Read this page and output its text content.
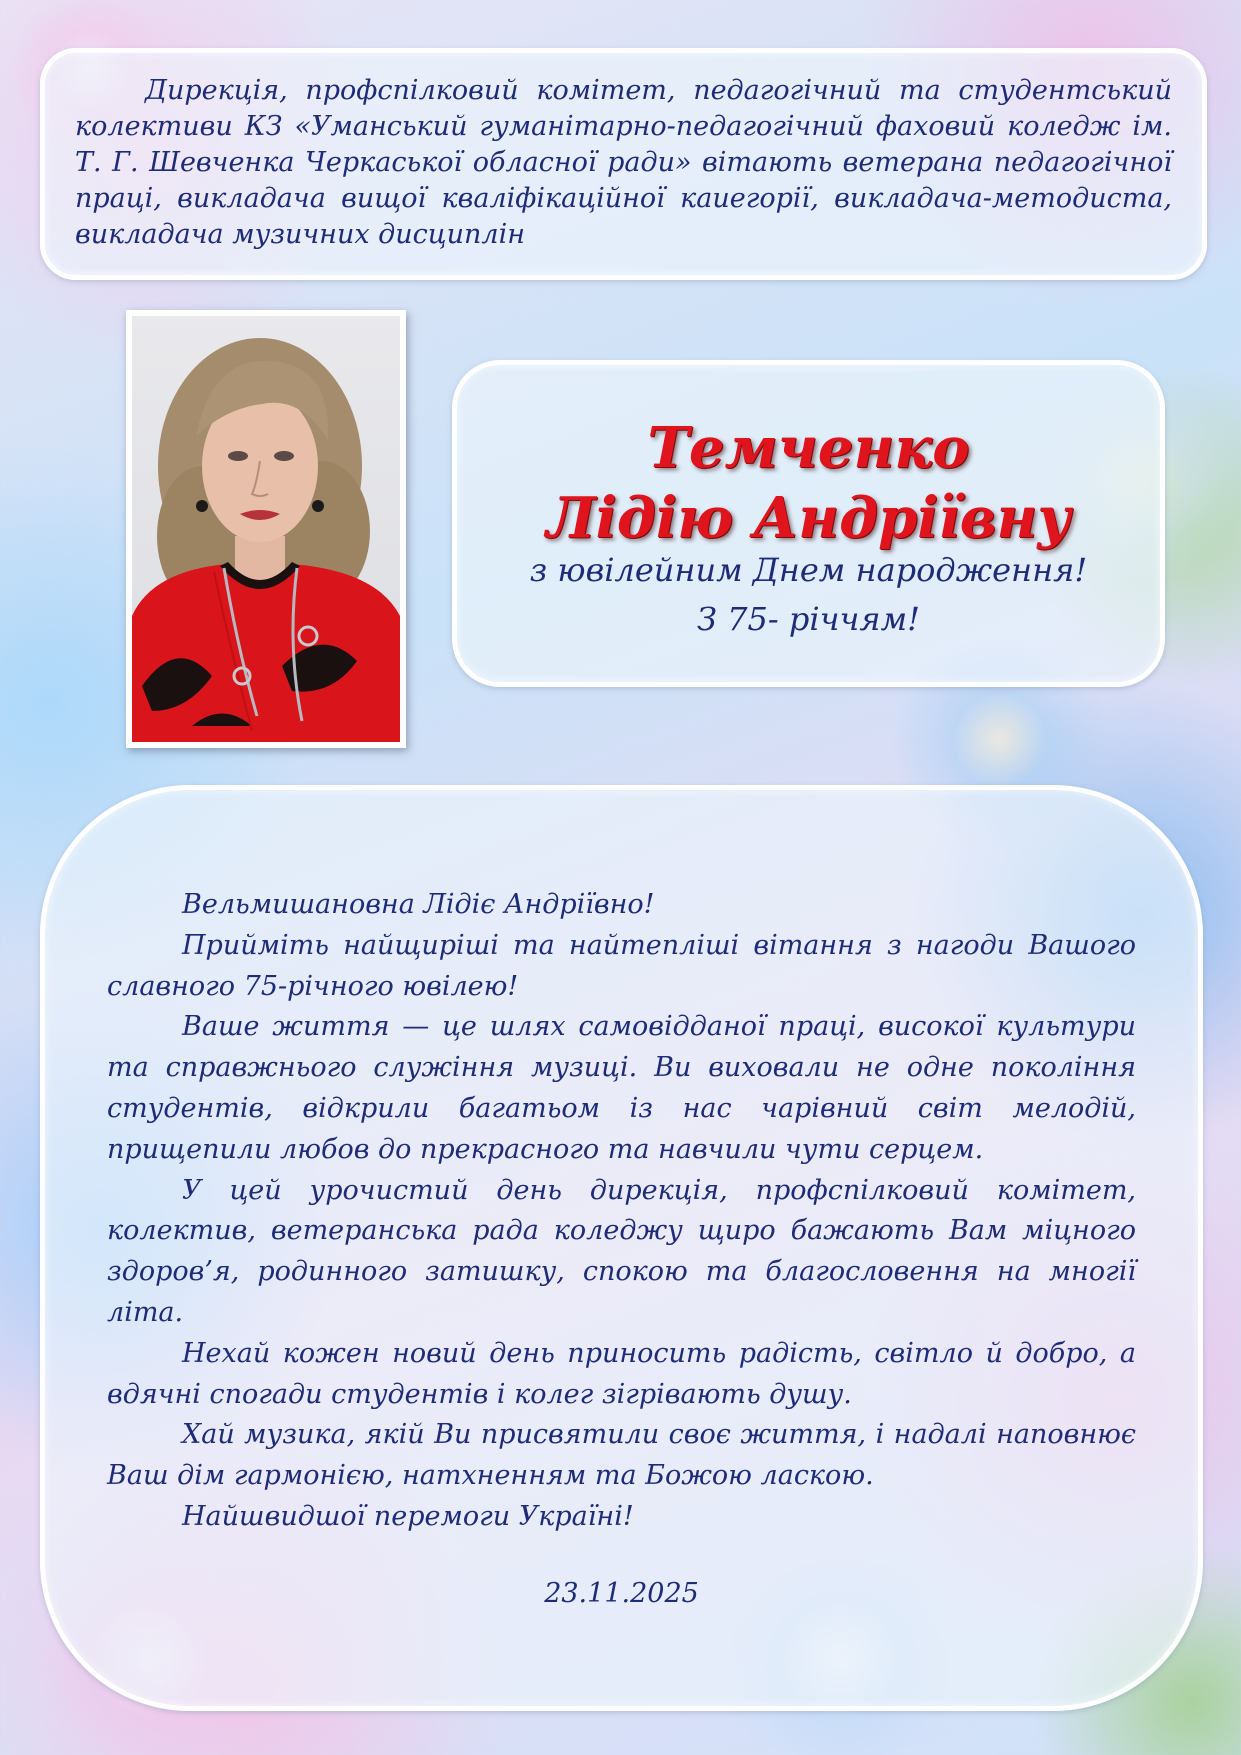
Дирекція, профспілковий комітет, педагогічний та студентський колективи КЗ «Уманський гуманітарно-педагогічний фаховий коледж ім. Т. Г. Шевченка Черкаської обласної ради» вітають ветерана педагогічної праці, викладача вищої кваліфікаційної каиегорії, викладача-методиста, викладача музичних дисциплін

Темченко
Лідію Андріївну
з ювілейним Днем народження!
З 75- річчям!

Вельмишановна Лідіє Андріївно!

Прийміть найщиріші та найтепліші вітання з нагоди Вашого славного 75-річного ювілею!

Ваше життя — це шлях самовідданої праці, високої культури та справжнього служіння музиці. Ви виховали не одне покоління студентів, відкрили багатьом із нас чарівний світ мелодій, прищепили любов до прекрасного та навчили чути серцем.

У цей урочистий день дирекція, профспілковий комітет, колектив, ветеранська рада коледжу щиро бажають Вам міцного здоров’я, родинного затишку, спокою та благословення на многії літа.

Нехай кожен новий день приносить радість, світло й добро, а вдячні спогади студентів і колег зігрівають душу.

Хай музика, якій Ви присвятили своє життя, і надалі наповнює Ваш дім гармонією, натхненням та Божою ласкою.

Найшвидшої перемоги Україні!

23.11.2025
